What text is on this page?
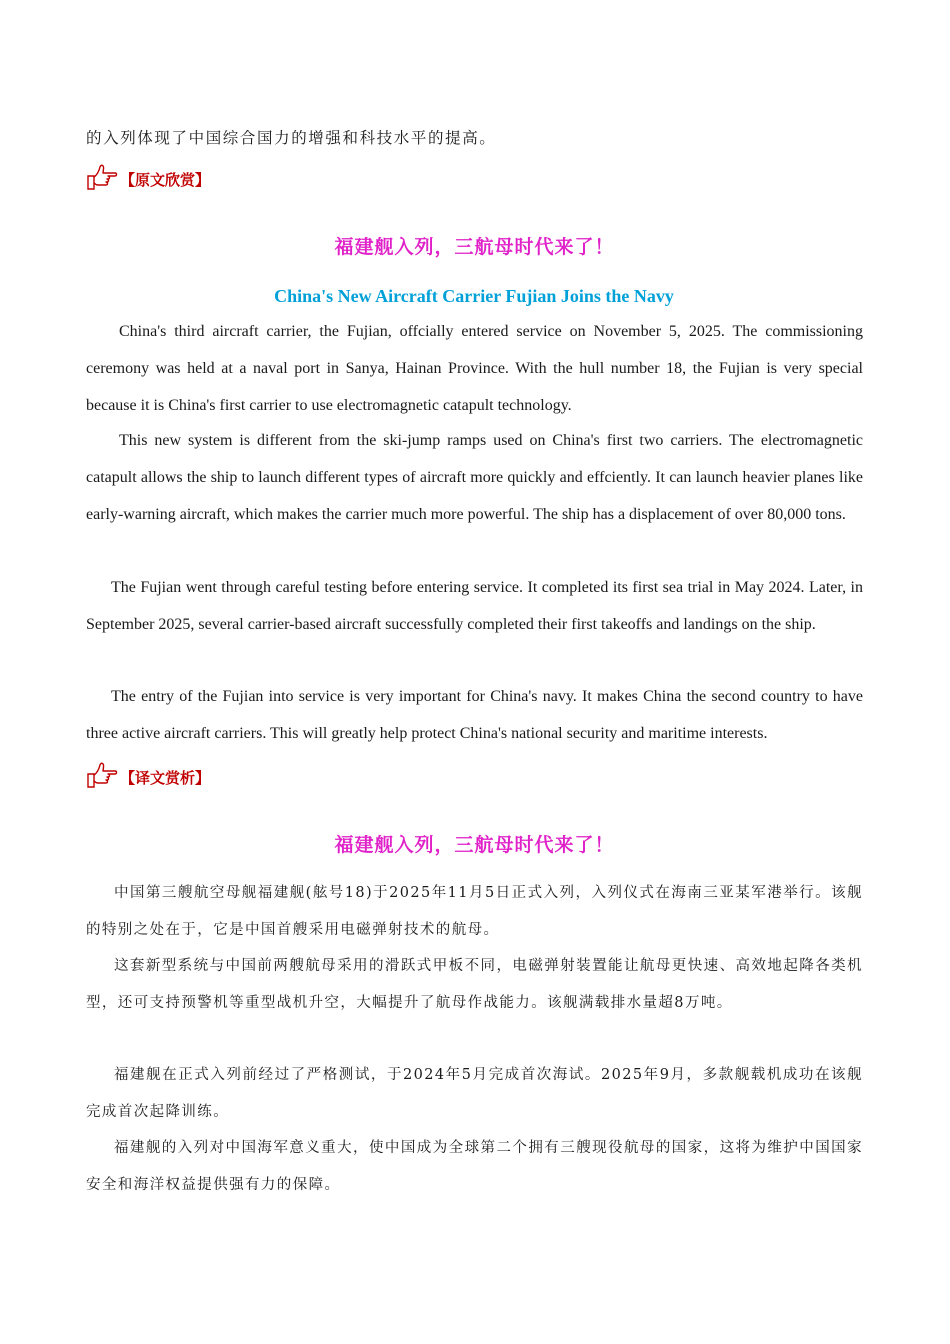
的入列体现了中国综合国力的增强和科技水平的提高。
【原文欣赏】
福建舰入列，三航母时代来了！
China's New Aircraft Carrier Fujian Joins the Navy

China's third aircraft carrier, the Fujian, offcially entered service on November 5, 2025. The commissioning ceremony was held at a naval port in Sanya, Hainan Province. With the hull number 18, the Fujian is very special because it is China's first carrier to use electromagnetic catapult technology.

This new system is different from the ski-jump ramps used on China's first two carriers. The electromagnetic catapult allows the ship to launch different types of aircraft more quickly and effciently. It can launch heavier planes like early-warning aircraft, which makes the carrier much more powerful. The ship has a displacement of over 80,000 tons.

The Fujian went through careful testing before entering service. It completed its first sea trial in May 2024. Later, in September 2025, several carrier-based aircraft successfully completed their first takeoffs and landings on the ship.

The entry of the Fujian into service is very important for China's navy. It makes China the second country to have three active aircraft carriers. This will greatly help protect China's national security and maritime interests.

【译文赏析】
福建舰入列，三航母时代来了！

中国第三艘航空母舰福建舰(舷号18)于2025年11月5日正式入列，入列仪式在海南三亚某军港举行。该舰的特别之处在于，它是中国首艘采用电磁弹射技术的航母。

这套新型系统与中国前两艘航母采用的滑跃式甲板不同，电磁弹射装置能让航母更快速、高效地起降各类机型，还可支持预警机等重型战机升空，大幅提升了航母作战能力。该舰满载排水量超8万吨。

福建舰在正式入列前经过了严格测试，于2024年5月完成首次海试。2025年9月，多款舰载机成功在该舰完成首次起降训练。

福建舰的入列对中国海军意义重大，使中国成为全球第二个拥有三艘现役航母的国家，这将为维护中国国家安全和海洋权益提供强有力的保障。
